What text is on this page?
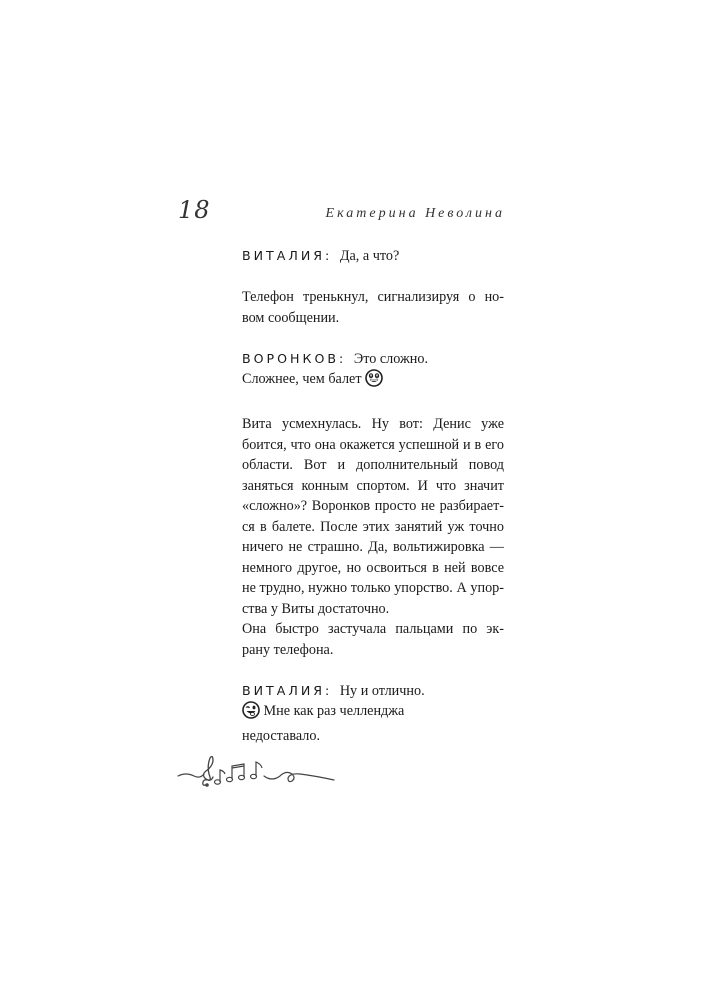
18	Екатерина Неволина
ВИТАЛИЯ: Да, а что?
Телефон тренькнул, сигнализируя о но-
вом сообщении.
ВОРОНКОВ: Это сложно.
Сложнее, чем балет
Вита усмехнулась. Ну вот: Денис уже
боится, что она окажется успешной и в его
области. Вот и дополнительный повод
заняться конным спортом. И что значит
«сложно»? Воронков просто не разбирает-
ся в балете. После этих занятий уж точно
ничего не страшно. Да, вольтижировка —
немного другое, но освоиться в ней вовсе
не трудно, нужно только упорство. А упор-
ства у Виты достаточно.
Она быстро застучала пальцами по эк-
рану телефона.
ВИТАЛИЯ: Ну и отлично.
Мне как раз челленджа
недоставало.
